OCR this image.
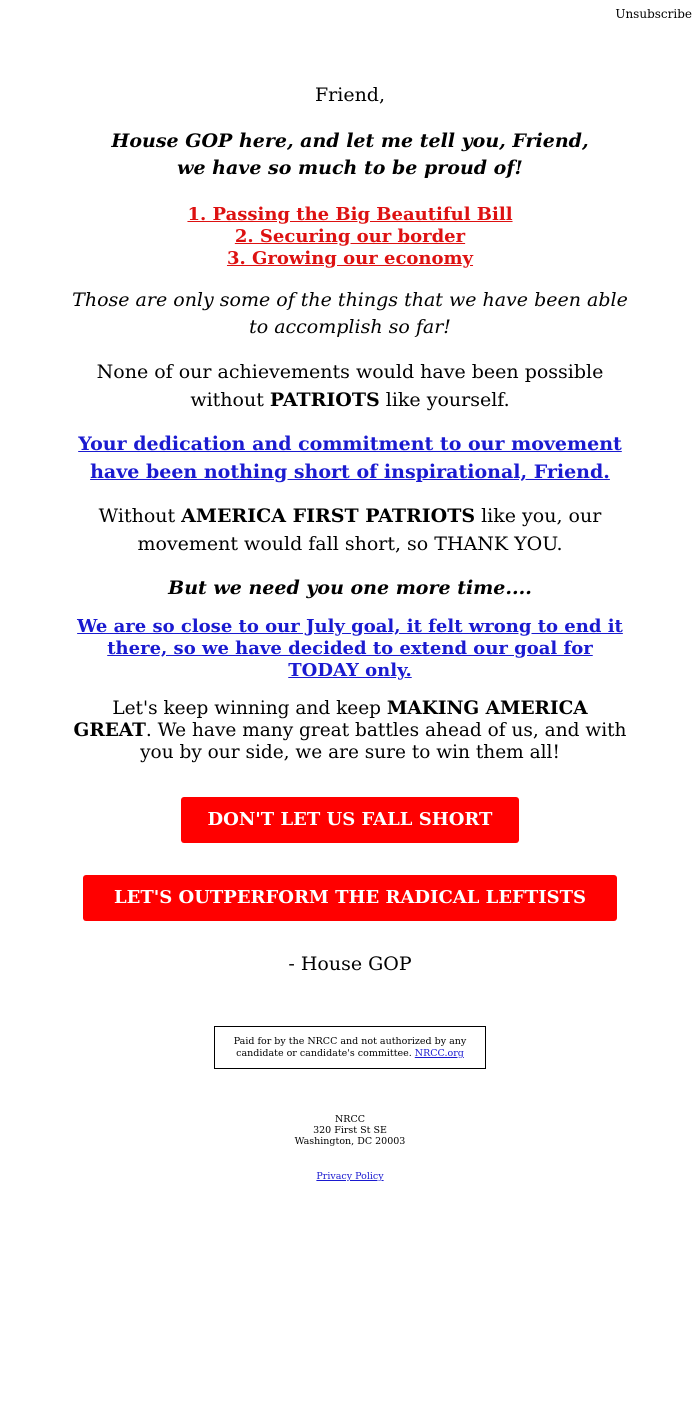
Unsubscribe

Friend,

House GOP here, and let me tell you, Friend,
we have so much to be proud of!

1. Passing the Big Beautiful Bill
2. Securing our border
3. Growing our economy

Those are only some of the things that we have been able to accomplish so far!

None of our achievements would have been possible without PATRIOTS like yourself.

Your dedication and commitment to our movement have been nothing short of inspirational, Friend.

Without AMERICA FIRST PATRIOTS like you, our movement would fall short, so THANK YOU.

But we need you one more time....

We are so close to our July goal, it felt wrong to end it there, so we have decided to extend our goal for TODAY only.

Let's keep winning and keep MAKING AMERICA GREAT. We have many great battles ahead of us, and with you by our side, we are sure to win them all!

DON'T LET US FALL SHORT
LET'S OUTPERFORM THE RADICAL LEFTISTS

- House GOP

Paid for by the NRCC and not authorized by any candidate or candidate's committee. NRCC.org
NRCC
320 First St SE
Washington, DC 20003
Privacy Policy
